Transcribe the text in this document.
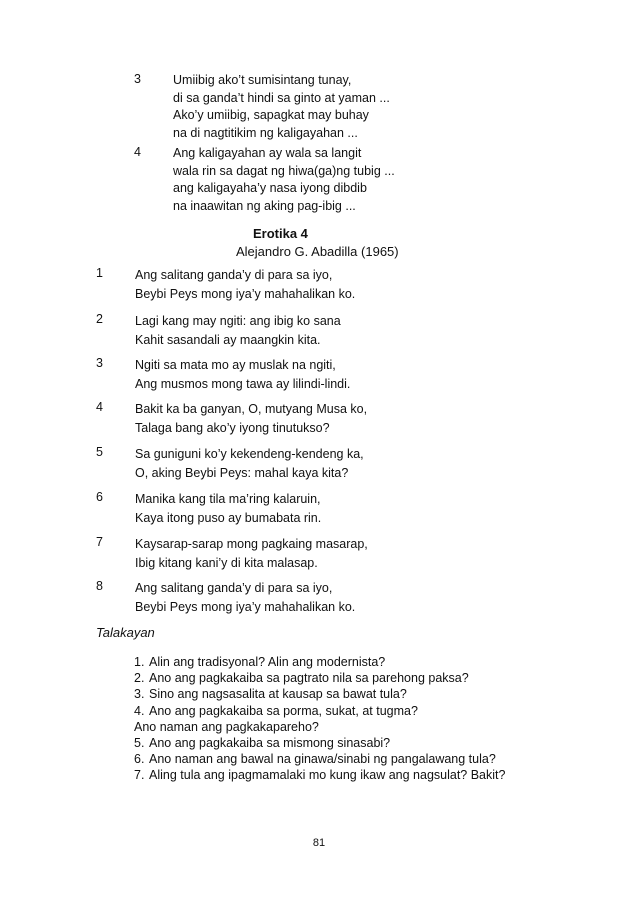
3	Umiibig ako’t sumisintang tunay,
di sa ganda’t hindi sa ginto at yaman ...
Ako’y umiibig, sapagkat may buhay
na di nagtitikim ng kaligayahan ...
4	Ang kaligayahan ay wala sa langit
wala rin sa dagat ng hiwa(ga)ng tubig ...
ang kaligayaha’y nasa iyong dibdib
na inaawitan ng aking pag-ibig ...
Erotika 4
Alejandro G. Abadilla (1965)
1	Ang salitang ganda’y di para sa iyo,
Beybi Peys mong iya’y mahahalikan ko.
2	Lagi kang may ngiti: ang ibig ko sana
Kahit sasandali ay maangkin kita.
3	Ngiti sa mata mo ay muslak na ngiti,
Ang musmos mong tawa ay lilindi-lindi.
4	Bakit ka ba ganyan, O, mutyang Musa ko,
Talaga bang ako’y iyong tinutukso?
5	Sa guniguni ko’y kekendeng-kendeng ka,
O, aking Beybi Peys: mahal kaya kita?
6	Manika kang tila ma’ring kalaruin,
Kaya itong puso ay bumabata rin.
7	Kaysarap-sarap mong pagkaing masarap,
Ibig kitang kani’y di kita malasap.
8	Ang salitang ganda’y di para sa iyo,
Beybi Peys mong iya’y mahahalikan ko.
Talakayan
1. Alin ang tradisyonal? Alin ang modernista?
2. Ano ang pagkakaiba sa pagtrato nila sa parehong paksa?
3. Sino ang nagsasalita at kausap sa bawat tula?
4. Ano ang pagkakaiba sa porma, sukat, at tugma?
Ano naman ang pagkakapareho?
5. Ano ang pagkakaiba sa mismong sinasabi?
6. Ano naman ang bawal na ginawa/sinabi ng pangalawang tula?
7. Aling tula ang ipagmamalaki mo kung ikaw ang nagsulat? Bakit?
81
